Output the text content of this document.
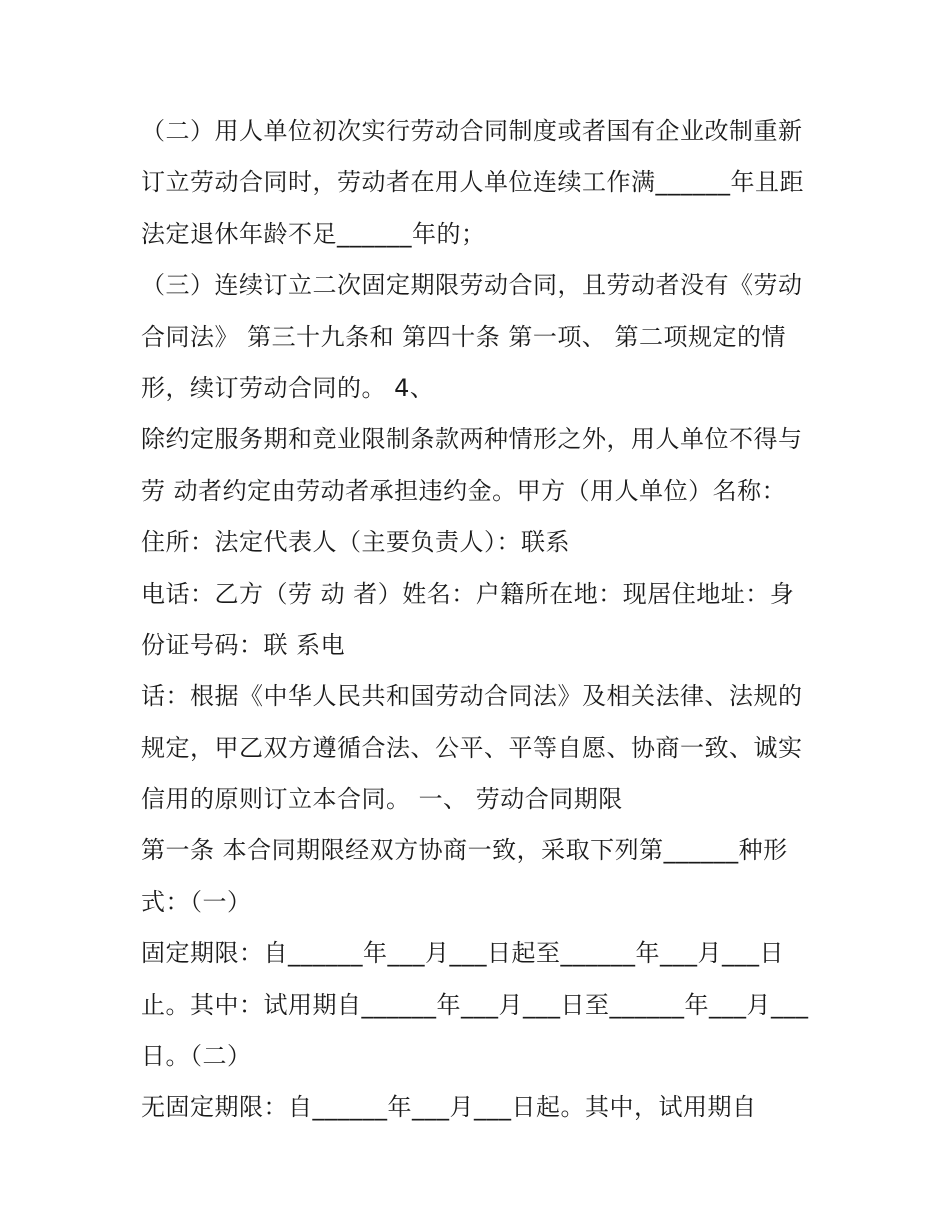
（二）用人单位初次实行劳动合同制度或者国有企业改制重新
订立劳动合同时，劳动者在用人单位连续工作满______年且距
法定退休年龄不足______年的；
（三）连续订立二次固定期限劳动合同，且劳动者没有《劳动
合同法》 第三十九条和 第四十条 第一项、 第二项规定的情
形，续订劳动合同的。 4、
除约定服务期和竞业限制条款两种情形之外，用人单位不得与
劳 动者约定由劳动者承担违约金。甲方（用人单位）名称：
住所：法定代表人（主要负责人）：联系
电话：乙方（劳 动 者）姓名：户籍所在地：现居住地址：身
份证号码：联 系电
话：根据《中华人民共和国劳动合同法》及相关法律、法规的
规定，甲乙双方遵循合法、公平、平等自愿、协商一致、诚实
信用的原则订立本合同。 一、 劳动合同期限
第一条 本合同期限经双方协商一致，采取下列第______种形
式：（一）
固定期限：自______年___月___日起至______年___月___日
止。其中：试用期自______年___月___日至______年___月___
日。（二）
无固定期限：自______年___月___日起。其中，试用期自
